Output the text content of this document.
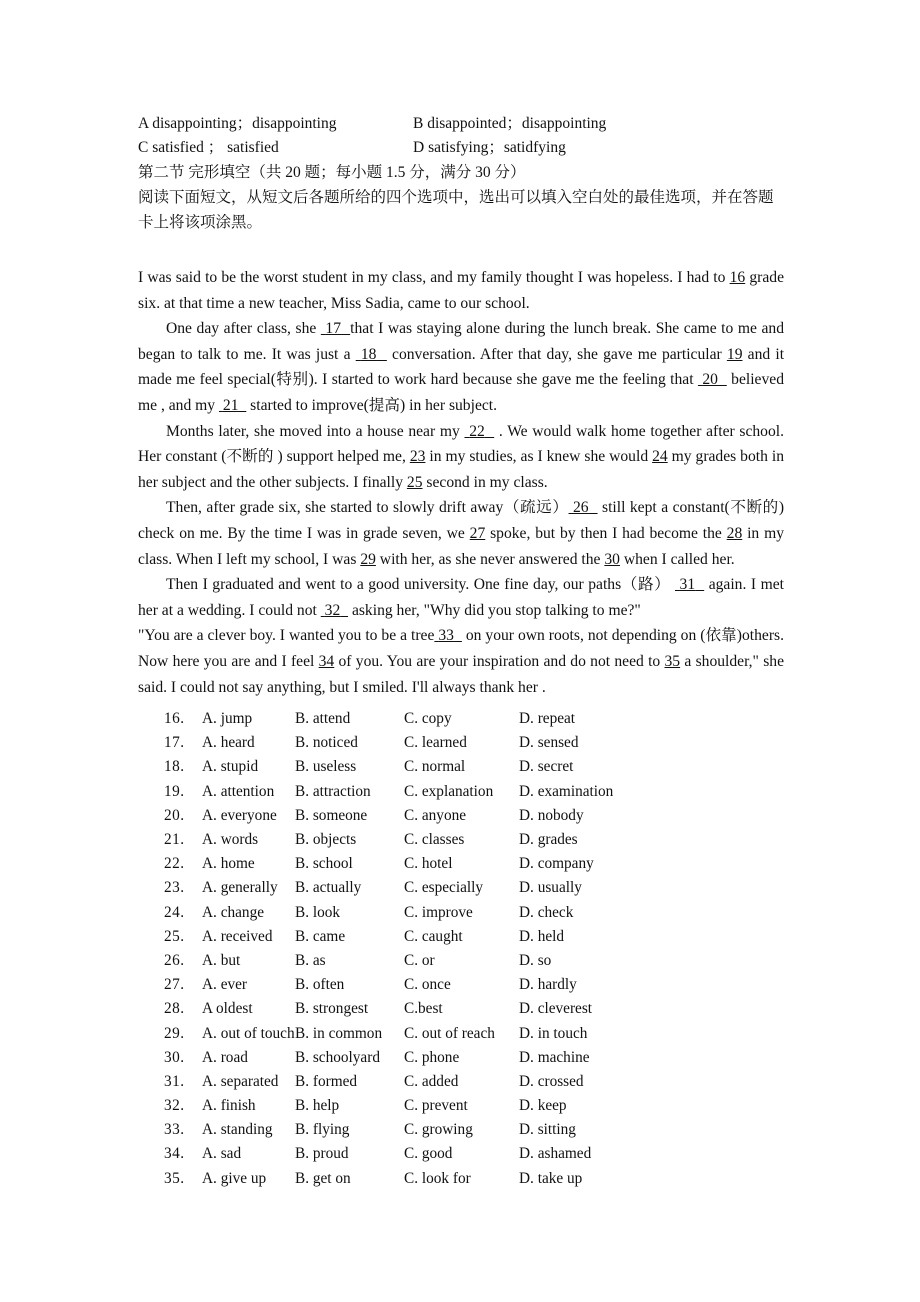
A disappointing；disappointing	B disappointed；disappointing
C satisfied ； satisfied	D satisfying；satidfying
第二节 完形填空（共 20 题；每小题 1.5 分，满分 30 分）
阅读下面短文，从短文后各题所给的四个选项中，选出可以填入空白处的最佳选项，并在答题卡上将该项涂黑。

I was said to be the worst student in my class, and my family thought I was hopeless. I had to 16 grade six. at that time a new teacher, Miss Sadia, came to our school.

One day after class, she 17 that I was staying alone during the lunch break. She came to me and began to talk to me. It was just a 18 conversation. After that day, she gave me particular 19 and it made me feel special(特别). I started to work hard because she gave me the feeling that 20 believed me , and my 21 started to improve(提高) in her subject.

Months later, she moved into a house near my 22 . We would walk home together after school. Her constant (不断的 ) support helped me, 23 in my studies, as I knew she would 24 my grades both in her subject and the other subjects. I finally 25 second in my class.

Then, after grade six, she started to slowly drift away（疏远） 26 still kept a constant(不断的) check on me. By the time I was in grade seven, we 27 spoke, but by then I had become the 28 in my class. When I left my school, I was 29 with her, as she never answered the 30 when I called her.

Then I graduated and went to a good university. One fine day, our paths（路） 31 again. I met her at a wedding. I could not 32 asking her, "Why did you stop talking to me?"

"You are a clever boy. I wanted you to be a tree 33 on your own roots, not depending on (依靠)others. Now here you are and I feel 34 of you. You are your inspiration and do not need to 35 a shoulder," she said. I could not say anything, but I smiled. I'll always thank her .

16.	A. jump	B. attend	C. copy	D. repeat
17.	A. heard	B. noticed	C. learned	D. sensed
18.	A. stupid B. useless	C. normal	D. secret
19.	A. attention B. attraction C. explanation D. examination
20.	A. everyone B. someone C. anyone	D. nobody
21.	A. words B. objects	C. classes	D. grades
22.	A. home	B. school	C. hotel	D. company
23.	A. generally B. actually	C. especially D. usually
24.	A. change B. look	C. improve	D. check
25.	A. received B. came	C. caught	D. held
26.	A. but	B. as	C. or	D. so
27.	A. ever	B. often	C. once	D. hardly
28.	A oldest	B. strongest C.best	D. cleverest
29.	A. out of touch B. in common C. out of reach D. in touch
30.	A. road	B. schoolyard C. phone	D. machine
31.	A. separated B. formed	C. added	D. crossed
32.	A. finish	B. help	C. prevent	D. keep
33.	A. standing B. flying	C. growing	D. sitting
34.	A. sad	B. proud	C. good	D. ashamed
35.	A. give up B. get on	C. look for	D. take up
